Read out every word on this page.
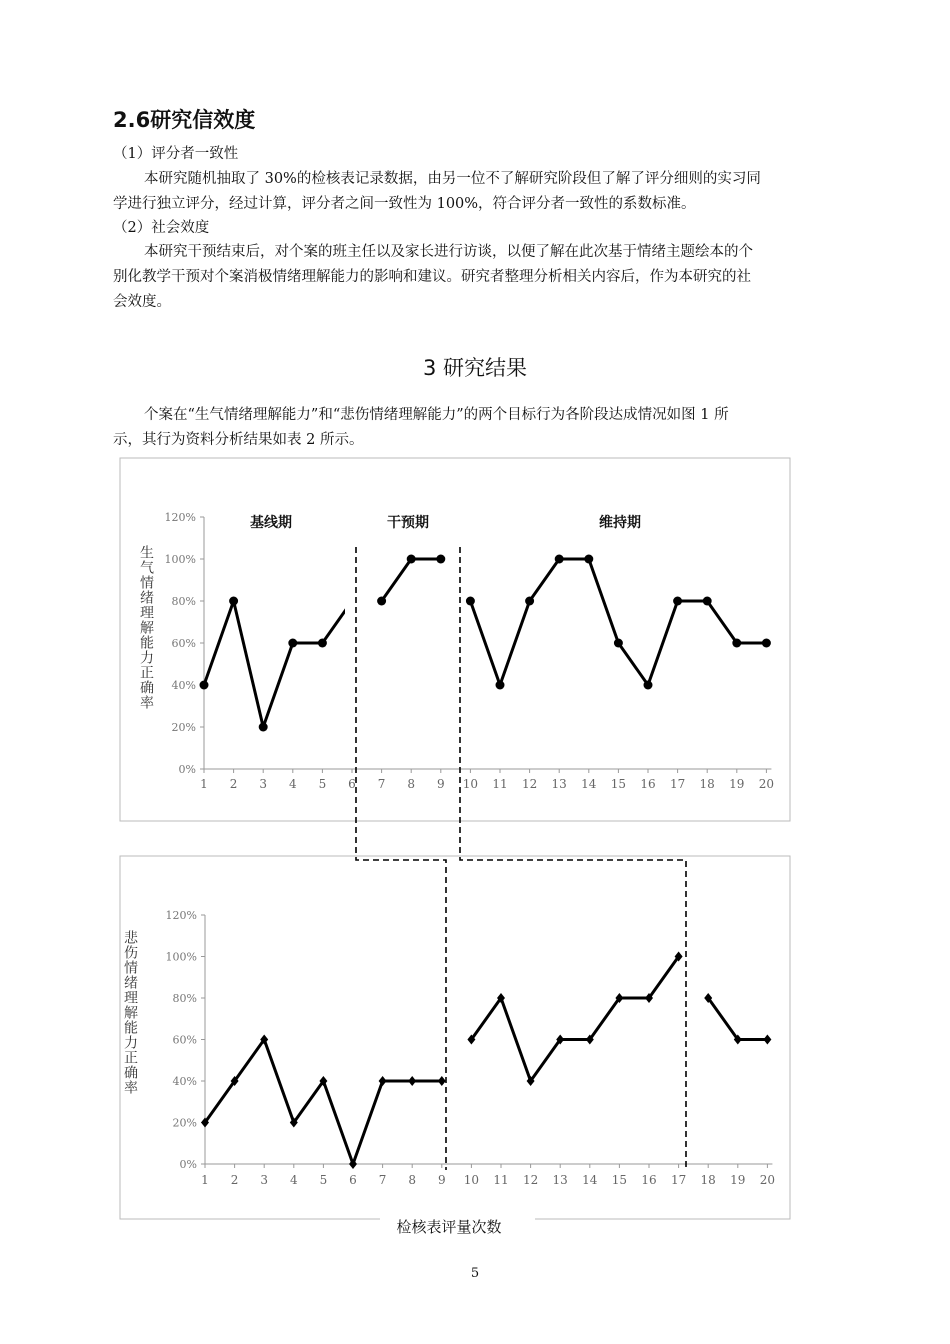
2.6研究信效度
（1）评分者一致性
本研究随机抽取了 30%的检核表记录数据，由另一位不了解研究阶段但了解了评分细则的实习同
学进行独立评分，经过计算，评分者之间一致性为 100%，符合评分者一致性的系数标准。
（2）社会效度
本研究干预结束后，对个案的班主任以及家长进行访谈，以便了解在此次基于情绪主题绘本的个
别化教学干预对个案消极情绪理解能力的影响和建议。研究者整理分析相关内容后，作为本研究的社
会效度。
3 研究结果
个案在“生气情绪理解能力”和“悲伤情绪理解能力”的两个目标行为各阶段达成情况如图 1 所
示，其行为资料分析结果如表 2 所示。
0%
20%
40%
60%
80%
100%
120%
1 2 3 4 5 6 7 8 9 10 11 12 13 14 15 16 17 18 19 20
生气情绪理解能力正确率
基线期	干预期	维持期
0%
20%
40%
60%
80%
100%
120%
1 2 3 4 5 6 7 8 9 10 11 12 13 14 15 16 17 18 19 20
悲伤情绪理解能力正确率
检核表评量次数
5
